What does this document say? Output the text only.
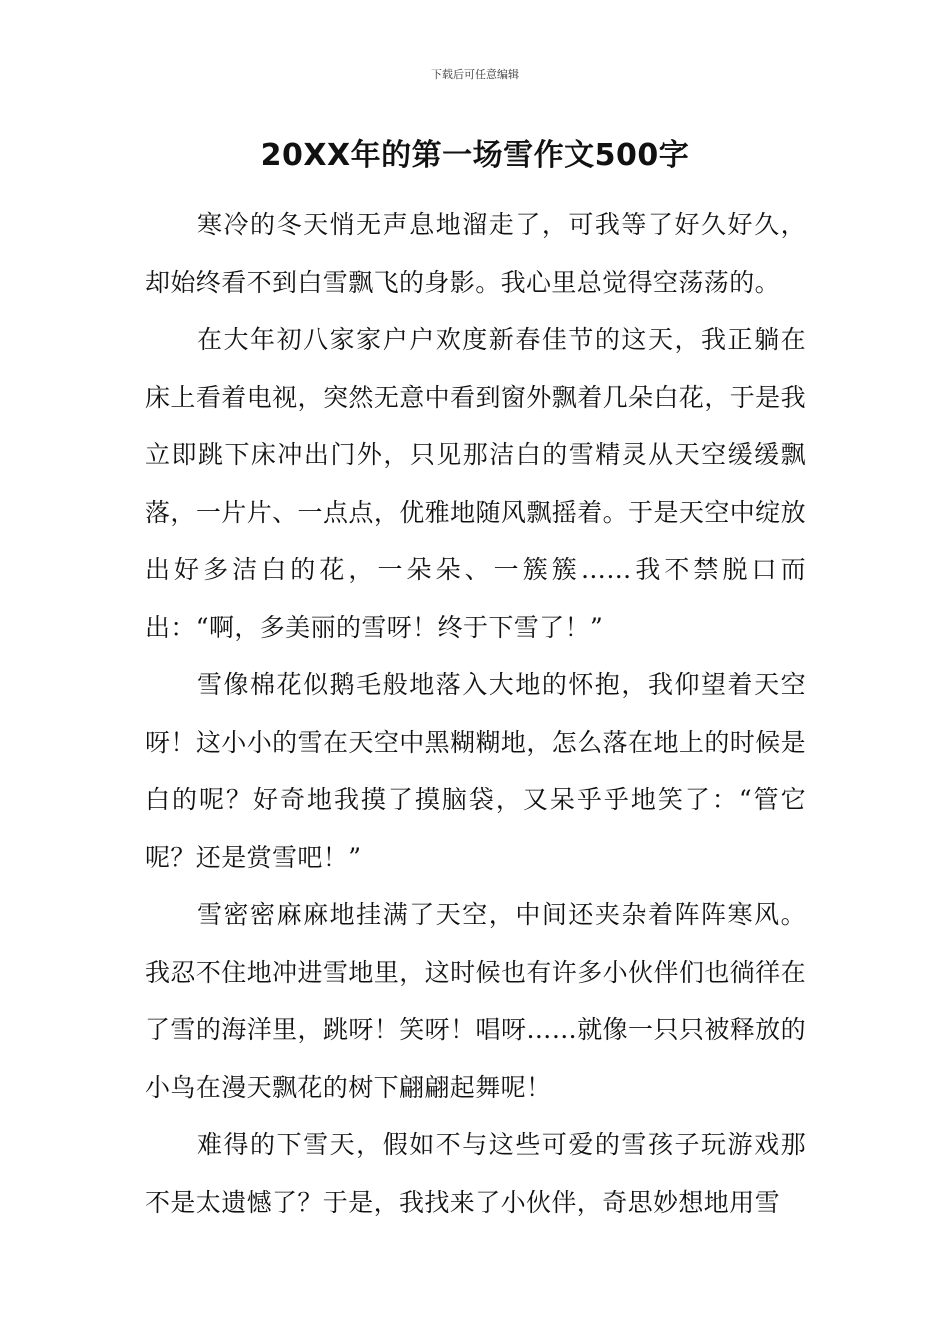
下载后可任意编辑
20XX年的第一场雪作文500字

寒冷的冬天悄无声息地溜走了，可我等了好久好久，却始终看不到白雪飘飞的身影。我心里总觉得空荡荡的。

在大年初八家家户户欢度新春佳节的这天，我正躺在床上看着电视，突然无意中看到窗外飘着几朵白花，于是我立即跳下床冲出门外，只见那洁白的雪精灵从天空缓缓飘落，一片片、一点点，优雅地随风飘摇着。于是天空中绽放出好多洁白的花，一朵朵、一簇簇……我不禁脱口而出：“啊，多美丽的雪呀！终于下雪了！”

雪像棉花似鹅毛般地落入大地的怀抱，我仰望着天空呀！这小小的雪在天空中黑糊糊地，怎么落在地上的时候是白的呢？好奇地我摸了摸脑袋，又呆乎乎地笑了：“管它呢？还是赏雪吧！”

雪密密麻麻地挂满了天空，中间还夹杂着阵阵寒风。我忍不住地冲进雪地里，这时候也有许多小伙伴们也徜徉在了雪的海洋里，跳呀！笑呀！唱呀……就像一只只被释放的小鸟在漫天飘花的树下翩翩起舞呢！

难得的下雪天，假如不与这些可爱的雪孩子玩游戏那不是太遗憾了？于是，我找来了小伙伴，奇思妙想地用雪
